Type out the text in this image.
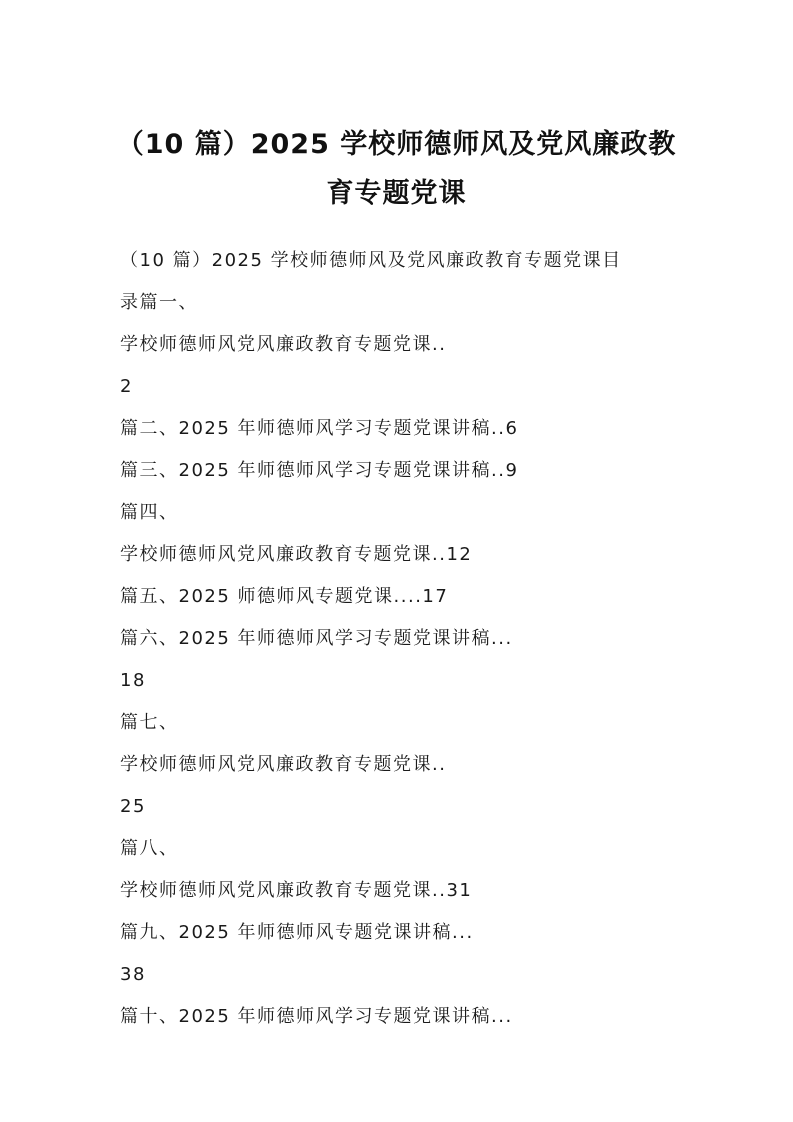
（10 篇）2025 学校师德师风及党风廉政教
育专题党课
（10 篇）2025 学校师德师风及党风廉政教育专题党课目
录篇一、
学校师德师风党风廉政教育专题党课..
2
篇二、2025 年师德师风学习专题党课讲稿..6
篇三、2025 年师德师风学习专题党课讲稿..9
篇四、
学校师德师风党风廉政教育专题党课..12
篇五、2025 师德师风专题党课....17
篇六、2025 年师德师风学习专题党课讲稿...
18
篇七、
学校师德师风党风廉政教育专题党课..
25
篇八、
学校师德师风党风廉政教育专题党课..31
篇九、2025 年师德师风专题党课讲稿...
38
篇十、2025 年师德师风学习专题党课讲稿...
